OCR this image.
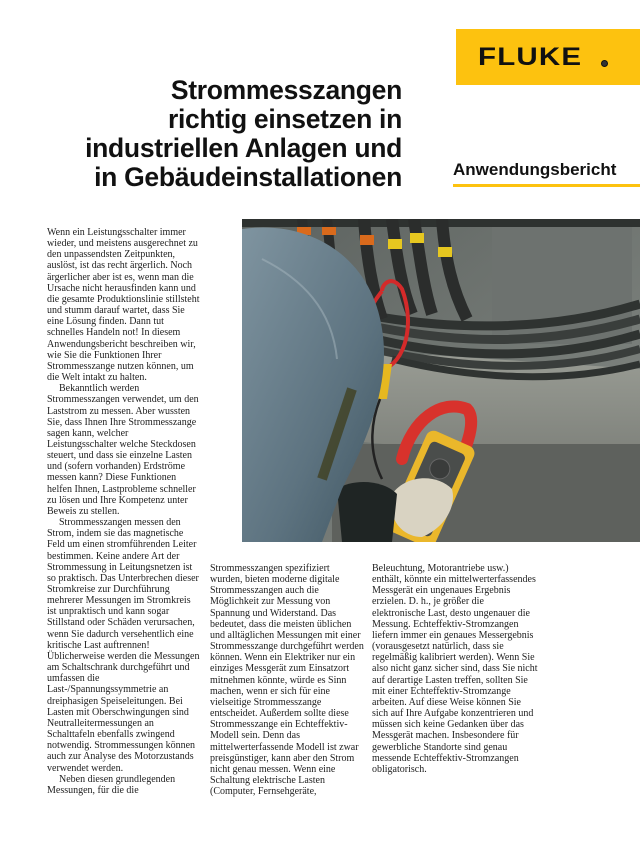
FLUKE
Strommesszangen
richtig einsetzen in
industriellen Anlagen und
in Gebäudeinstallationen	Anwendungsbericht

Wenn ein Leistungsschalter immer wieder, und meistens ausgerechnet zu den unpassendsten Zeitpunkten, auslöst, ist das recht ärgerlich. Noch ärgerlicher aber ist es, wenn man die Ursache nicht herausfinden kann und die gesamte Produktionslinie stillsteht und stumm darauf wartet, dass Sie eine Lösung finden. Dann tut schnelles Handeln not! In diesem Anwendungsbericht beschreiben wir, wie Sie die Funktionen Ihrer Strommesszange nutzen können, um die Welt intakt zu halten.

Bekanntlich werden Strommesszangen verwendet, um den Laststrom zu messen. Aber wussten Sie, dass Ihnen Ihre Strommesszange sagen kann, welcher Leistungsschalter welche Steckdosen steuert, und dass sie einzelne Lasten und (sofern vorhanden) Erdströme messen kann? Diese Funktionen helfen Ihnen, Lastprobleme schneller zu lösen und Ihre Kompetenz unter Beweis zu stellen.

Strommesszangen messen den Strom, indem sie das magnetische Feld um einen stromführenden Leiter bestimmen. Keine andere Art der Strommessung in Leitungsnetzen ist so praktisch. Das Unterbrechen dieser Stromkreise zur Durchführung mehrerer Messungen im Stromkreis ist unpraktisch und kann sogar Stillstand oder Schäden verursachen, wenn Sie dadurch versehentlich eine kritische Last auftrennen! Üblicherweise werden die Messungen am Schaltschrank durchgeführt und umfassen die Last-/Spannungssymmetrie an dreiphasigen Speiseleitungen. Bei Lasten mit Oberschwingungen sind Neutralleitermessungen an Schalttafeln ebenfalls zwingend notwendig. Strommessungen können auch zur Analyse des Motorzustands verwendet werden.

Neben diesen grundlegenden Messungen, für die die

Strommesszangen spezifiziert wurden, bieten moderne digitale Strommesszangen auch die Möglichkeit zur Messung von Spannung und Widerstand. Das bedeutet, dass die meisten üblichen und alltäglichen Messungen mit einer Strommesszange durchgeführt werden können. Wenn ein Elektriker nur ein einziges Messgerät zum Einsatzort mitnehmen könnte, würde es Sinn machen, wenn er sich für eine vielseitige Strommesszange entscheidet. Außerdem sollte diese Strommesszange ein Echteffektiv-Modell sein. Denn das mittelwerterfassende Modell ist zwar preisgünstiger, kann aber den Strom nicht genau messen. Wenn eine Schaltung elektrische Lasten (Computer, Fernsehgeräte,

Beleuchtung, Motorantriebe usw.) enthält, könnte ein mittelwerterfassendes Messgerät ein ungenaues Ergebnis erzielen. D. h., je größer die elektronische Last, desto ungenauer die Messung. Echteffektiv-Stromzangen liefern immer ein genaues Messergebnis (vorausgesetzt natürlich, dass sie regelmäßig kalibriert werden). Wenn Sie also nicht ganz sicher sind, dass Sie nicht auf derartige Lasten treffen, sollten Sie mit einer Echteffektiv-Stromzange arbeiten. Auf diese Weise können Sie sich auf Ihre Aufgabe konzentrieren und müssen sich keine Gedanken über das Messgerät machen. Insbesondere für gewerbliche Standorte sind genau messende Echteffektiv-Stromzangen obligatorisch.
